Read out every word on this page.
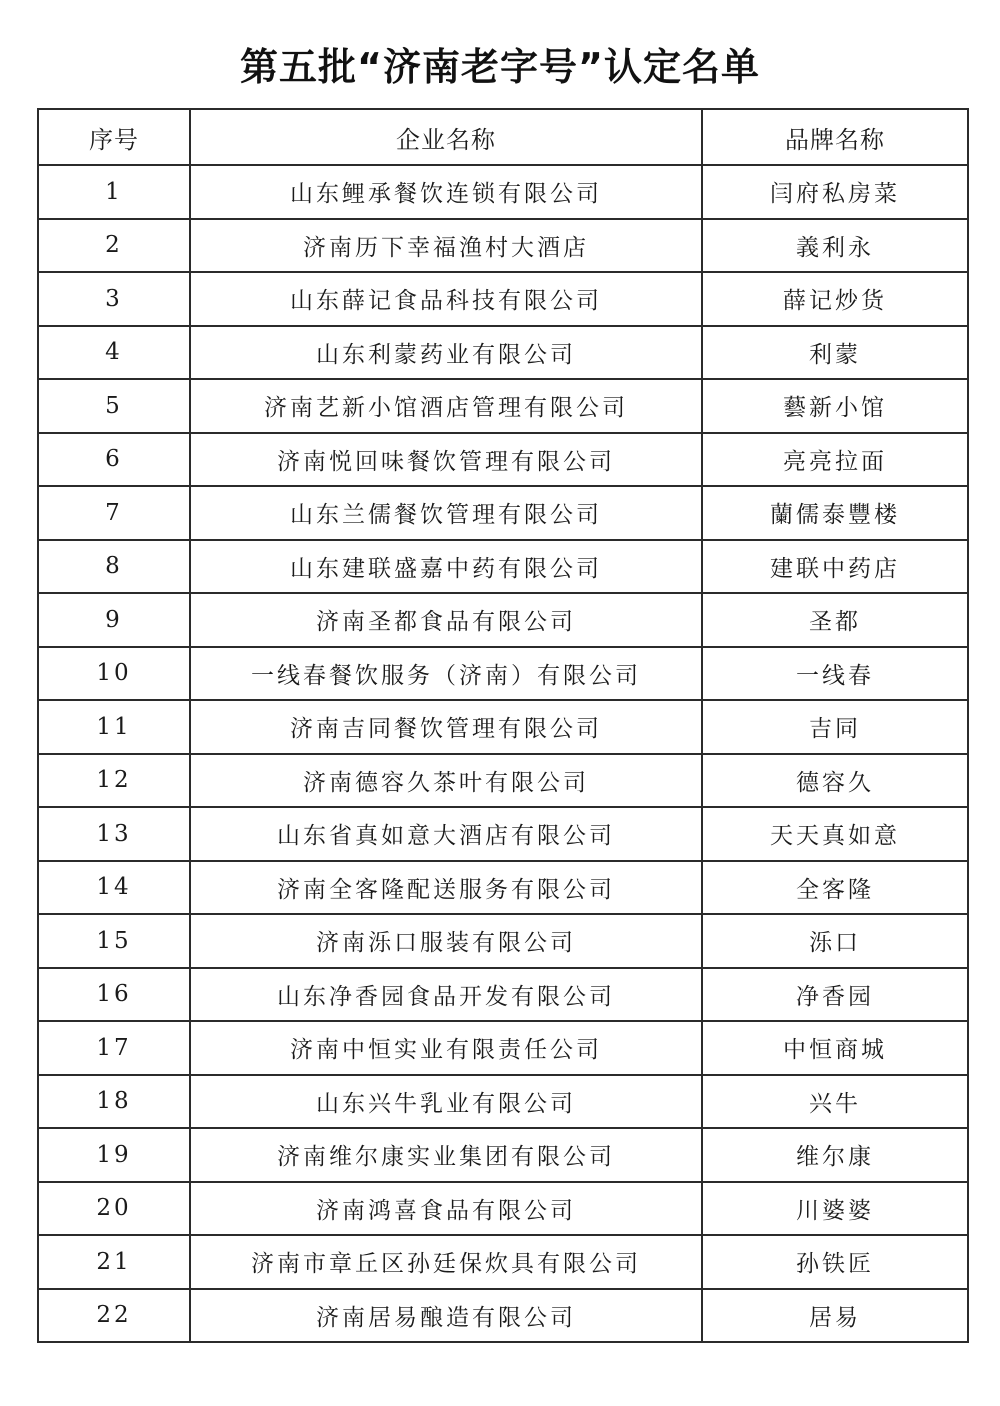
第五批“济南老字号”认定名单
序号	企业名称	品牌名称
1	山东鲤承餐饮连锁有限公司	闫府私房菜
2	济南历下幸福渔村大酒店	義利永
3	山东薛记食品科技有限公司	薛记炒货
4	山东利蒙药业有限公司	利蒙
5	济南艺新小馆酒店管理有限公司	藝新小馆
6	济南悦回味餐饮管理有限公司	亮亮拉面
7	山东兰儒餐饮管理有限公司	蘭儒泰豐楼
8	山东建联盛嘉中药有限公司	建联中药店
9	济南圣都食品有限公司	圣都
10	一线春餐饮服务（济南）有限公司	一线春
11	济南吉同餐饮管理有限公司	吉同
12	济南德容久茶叶有限公司	德容久
13	山东省真如意大酒店有限公司	天天真如意
14	济南全客隆配送服务有限公司	全客隆
15	济南泺口服装有限公司	泺口
16	山东净香园食品开发有限公司	净香园
17	济南中恒实业有限责任公司	中恒商城
18	山东兴牛乳业有限公司	兴牛
19	济南维尔康实业集团有限公司	维尔康
20	济南鸿喜食品有限公司	川婆婆
21	济南市章丘区孙廷保炊具有限公司	孙铁匠
22	济南居易酿造有限公司	居易
